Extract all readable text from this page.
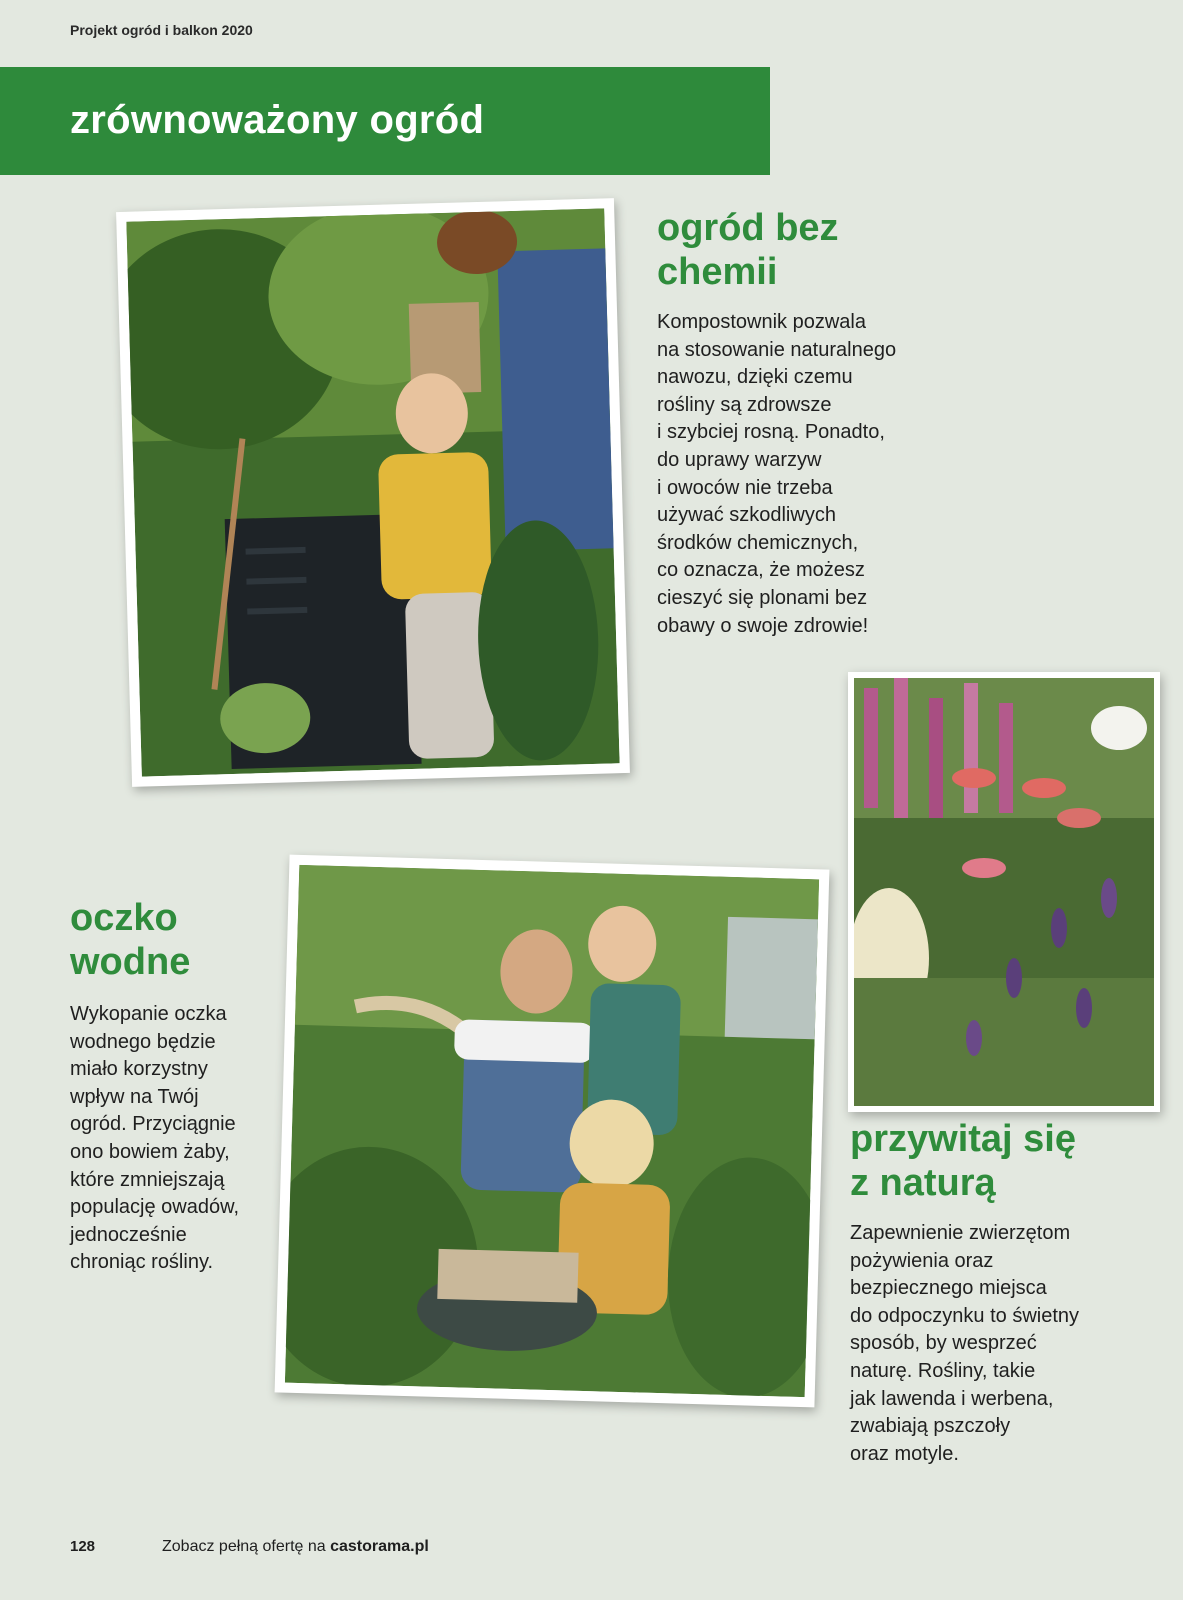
Projekt ogród i balkon 2020
zrównoważony ogród
ogród bez
chemii
Kompostownik pozwala
na stosowanie naturalnego
nawozu, dzięki czemu
rośliny są zdrowsze
i szybciej rosną. Ponadto,
do uprawy warzyw
i owoców nie trzeba
używać szkodliwych
środków chemicznych,
co oznacza, że możesz
cieszyć się plonami bez
obawy o swoje zdrowie!
oczko
wodne
Wykopanie oczka
wodnego będzie
miało korzystny
wpływ na Twój
ogród. Przyciągnie
ono bowiem żaby,
które zmniejszają
populację owadów,
jednocześnie
chroniąc rośliny.
przywitaj się
z naturą
Zapewnienie zwierzętom
pożywienia oraz
bezpiecznego miejsca
do odpoczynku to świetny
sposób, by wesprzeć
naturę. Rośliny, takie
jak lawenda i werbena,
zwabiają pszczoły
oraz motyle.
128	Zobacz pełną ofertę na castorama.pl
